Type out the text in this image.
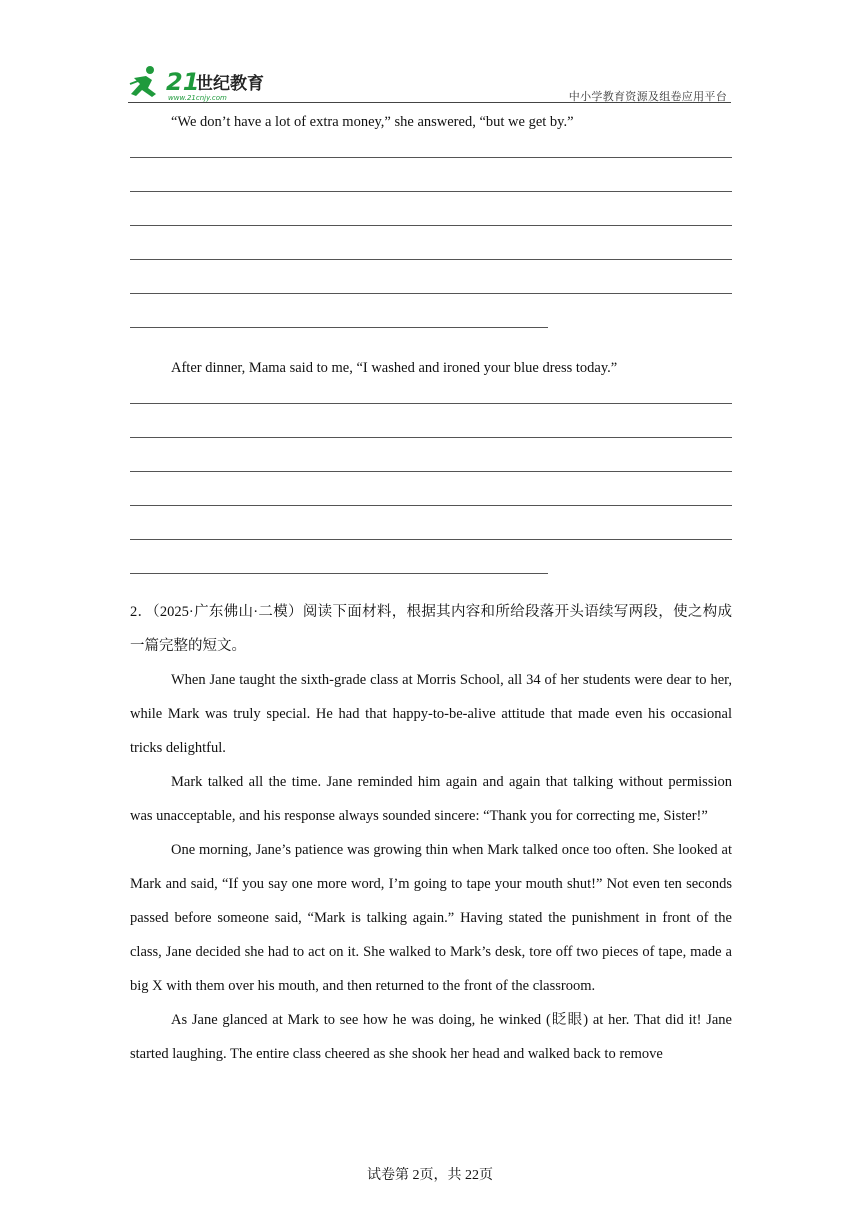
21
世纪教育
www.21cnjy.com	中小学教育资源及组卷应用平台

“We don’t have a lot of extra money,” she answered, “but we get by.”

After dinner, Mama said to me, “I washed and ironed your blue dress today.”

2．（2025·广东佛山·二模）阅读下面材料，根据其内容和所给段落开头语续写两段，使之构成一篇完整的短文。

When Jane taught the sixth-grade class at Morris School, all 34 of her students were dear to her, while Mark was truly special. He had that happy-to-be-alive attitude that made even his occasional tricks delightful.

Mark talked all the time. Jane reminded him again and again that talking without permission was unacceptable, and his response always sounded sincere: “Thank you for correcting me, Sister!”

One morning, Jane’s patience was growing thin when Mark talked once too often. She looked at Mark and said, “If you say one more word, I’m going to tape your mouth shut!” Not even ten seconds passed before someone said, “Mark is talking again.” Having stated the punishment in front of the class, Jane decided she had to act on it. She walked to Mark’s desk, tore off two pieces of tape, made a big X with them over his mouth, and then returned to the front of the classroom.

As Jane glanced at Mark to see how he was doing, he winked (眨眼) at her. That did it! Jane started laughing. The entire class cheered as she shook her head and walked back to remove

试卷第 2页，共 22页
